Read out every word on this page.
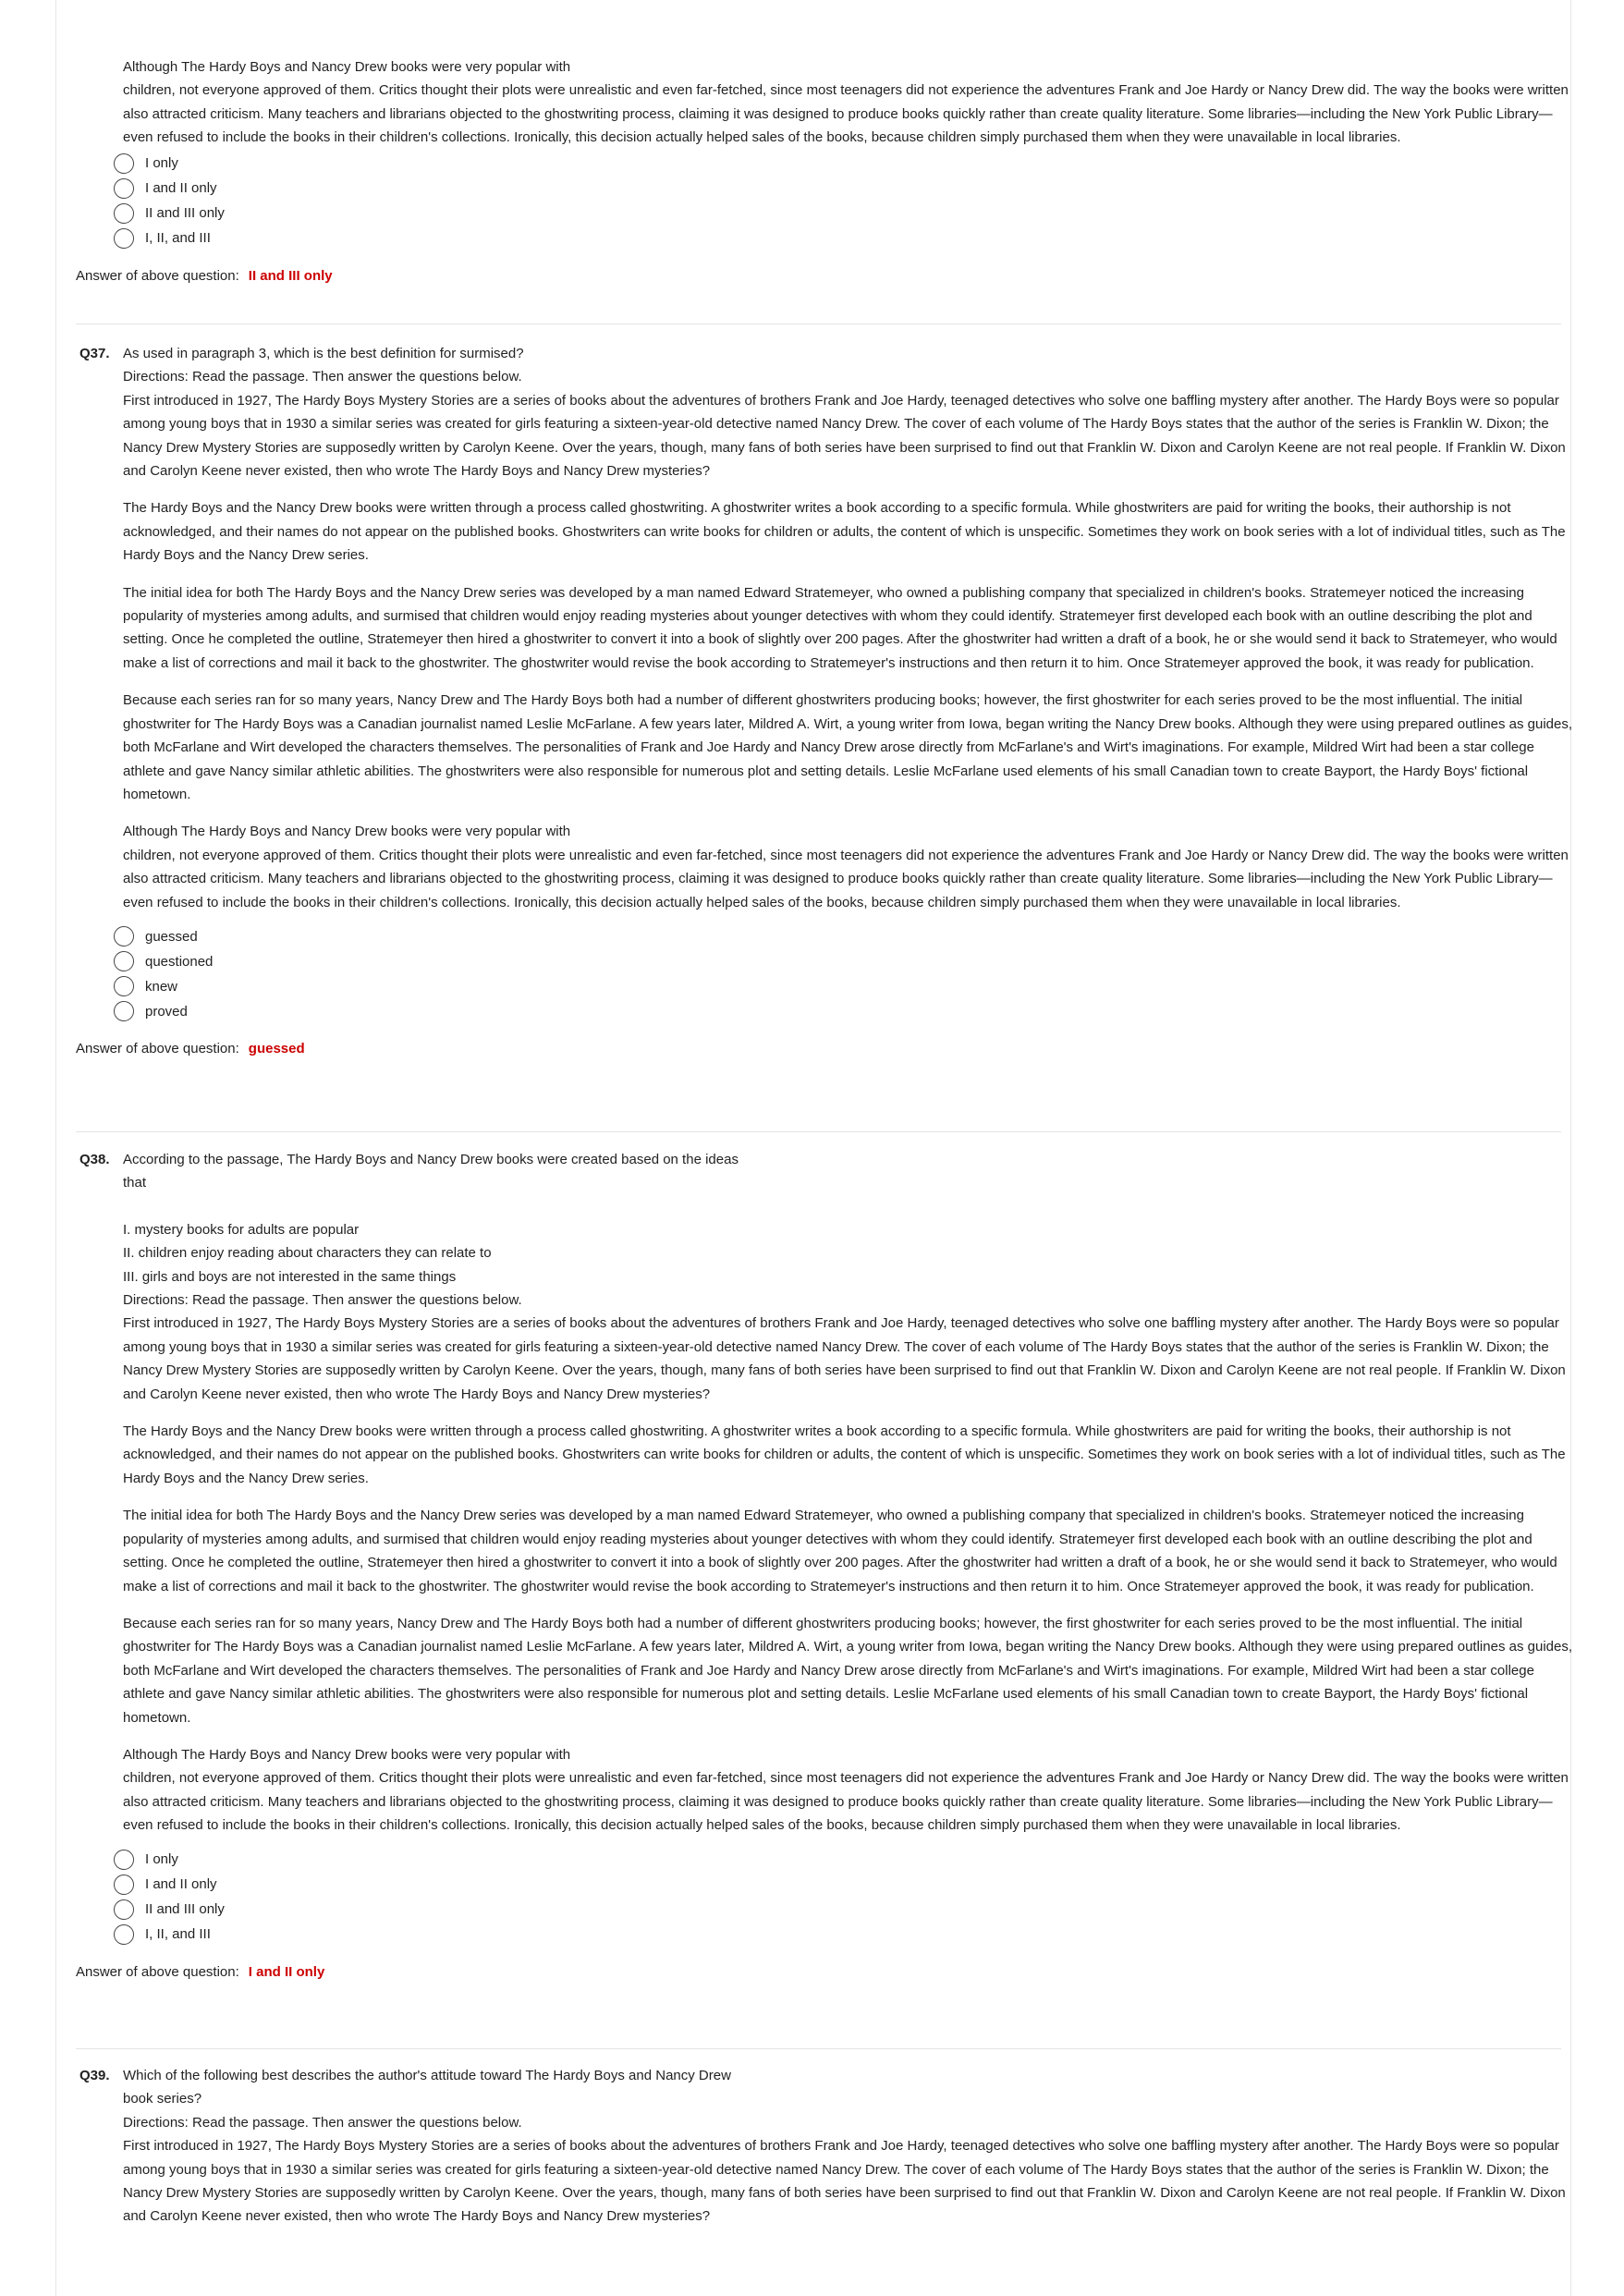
Although The Hardy Boys and Nancy Drew books were very popular with
children, not everyone approved of them. Critics thought their plots were unrealistic and even far-fetched, since most teenagers did not experience the adventures Frank and Joe Hardy or Nancy Drew did. The way the books were written also attracted criticism. Many teachers and librarians objected to the ghostwriting process, claiming it was designed to produce books quickly rather than create quality literature. Some libraries—including the New York Public Library—even refused to include the books in their children's collections. Ironically, this decision actually helped sales of the books, because children simply purchased them when they were unavailable in local libraries.

I only
I and II only
II and III only
I, II, and III
Answer of above question: II and III only
Q37. As used in paragraph 3, which is the best definition for surmised?

Directions: Read the passage. Then answer the questions below.

First introduced in 1927, The Hardy Boys Mystery Stories are a series of books about the adventures of brothers Frank and Joe Hardy, teenaged detectives who solve one baffling mystery after another. The Hardy Boys were so popular among young boys that in 1930 a similar series was created for girls featuring a sixteen-year-old detective named Nancy Drew. The cover of each volume of The Hardy Boys states that the author of the series is Franklin W. Dixon; the Nancy Drew Mystery Stories are supposedly written by Carolyn Keene. Over the years, though, many fans of both series have been surprised to find out that Franklin W. Dixon and Carolyn Keene are not real people. If Franklin W. Dixon and Carolyn Keene never existed, then who wrote The Hardy Boys and Nancy Drew mysteries?

The Hardy Boys and the Nancy Drew books were written through a process called ghostwriting. A ghostwriter writes a book according to a specific formula. While ghostwriters are paid for writing the books, their authorship is not acknowledged, and their names do not appear on the published books. Ghostwriters can write books for children or adults, the content of which is unspecific. Sometimes they work on book series with a lot of individual titles, such as The Hardy Boys and the Nancy Drew series.

The initial idea for both The Hardy Boys and the Nancy Drew series was developed by a man named Edward Stratemeyer, who owned a publishing company that specialized in children's books. Stratemeyer noticed the increasing popularity of mysteries among adults, and surmised that children would enjoy reading mysteries about younger detectives with whom they could identify. Stratemeyer first developed each book with an outline describing the plot and setting. Once he completed the outline, Stratemeyer then hired a ghostwriter to convert it into a book of slightly over 200 pages. After the ghostwriter had written a draft of a book, he or she would send it back to Stratemeyer, who would make a list of corrections and mail it back to the ghostwriter. The ghostwriter would revise the book according to Stratemeyer's instructions and then return it to him. Once Stratemeyer approved the book, it was ready for publication.

Because each series ran for so many years, Nancy Drew and The Hardy Boys both had a number of different ghostwriters producing books; however, the first ghostwriter for each series proved to be the most influential. The initial ghostwriter for The Hardy Boys was a Canadian journalist named Leslie McFarlane. A few years later, Mildred A. Wirt, a young writer from Iowa, began writing the Nancy Drew books. Although they were using prepared outlines as guides, both McFarlane and Wirt developed the characters themselves. The personalities of Frank and Joe Hardy and Nancy Drew arose directly from McFarlane's and Wirt's imaginations. For example, Mildred Wirt had been a star college athlete and gave Nancy similar athletic abilities. The ghostwriters were also responsible for numerous plot and setting details. Leslie McFarlane used elements of his small Canadian town to create Bayport, the Hardy Boys' fictional hometown.

Although The Hardy Boys and Nancy Drew books were very popular with
children, not everyone approved of them. Critics thought their plots were unrealistic and even far-fetched, since most teenagers did not experience the adventures Frank and Joe Hardy or Nancy Drew did. The way the books were written also attracted criticism. Many teachers and librarians objected to the ghostwriting process, claiming it was designed to produce books quickly rather than create quality literature. Some libraries—including the New York Public Library—even refused to include the books in their children's collections. Ironically, this decision actually helped sales of the books, because children simply purchased them when they were unavailable in local libraries.

guessed
questioned
knew
proved
Answer of above question: guessed
Q38. According to the passage, The Hardy Boys and Nancy Drew books were created based on the ideas
that

I. mystery books for adults are popular
II. children enjoy reading about characters they can relate to
III. girls and boys are not interested in the same things

Directions: Read the passage. Then answer the questions below.

First introduced in 1927, The Hardy Boys Mystery Stories are a series of books about the adventures of brothers Frank and Joe Hardy, teenaged detectives who solve one baffling mystery after another. The Hardy Boys were so popular among young boys that in 1930 a similar series was created for girls featuring a sixteen-year-old detective named Nancy Drew. The cover of each volume of The Hardy Boys states that the author of the series is Franklin W. Dixon; the Nancy Drew Mystery Stories are supposedly written by Carolyn Keene. Over the years, though, many fans of both series have been surprised to find out that Franklin W. Dixon and Carolyn Keene are not real people. If Franklin W. Dixon and Carolyn Keene never existed, then who wrote The Hardy Boys and Nancy Drew mysteries?

The Hardy Boys and the Nancy Drew books were written through a process called ghostwriting. A ghostwriter writes a book according to a specific formula. While ghostwriters are paid for writing the books, their authorship is not acknowledged, and their names do not appear on the published books. Ghostwriters can write books for children or adults, the content of which is unspecific. Sometimes they work on book series with a lot of individual titles, such as The Hardy Boys and the Nancy Drew series.

The initial idea for both The Hardy Boys and the Nancy Drew series was developed by a man named Edward Stratemeyer, who owned a publishing company that specialized in children's books. Stratemeyer noticed the increasing popularity of mysteries among adults, and surmised that children would enjoy reading mysteries about younger detectives with whom they could identify. Stratemeyer first developed each book with an outline describing the plot and setting. Once he completed the outline, Stratemeyer then hired a ghostwriter to convert it into a book of slightly over 200 pages. After the ghostwriter had written a draft of a book, he or she would send it back to Stratemeyer, who would make a list of corrections and mail it back to the ghostwriter. The ghostwriter would revise the book according to Stratemeyer's instructions and then return it to him. Once Stratemeyer approved the book, it was ready for publication.

Because each series ran for so many years, Nancy Drew and The Hardy Boys both had a number of different ghostwriters producing books; however, the first ghostwriter for each series proved to be the most influential. The initial ghostwriter for The Hardy Boys was a Canadian journalist named Leslie McFarlane. A few years later, Mildred A. Wirt, a young writer from Iowa, began writing the Nancy Drew books. Although they were using prepared outlines as guides, both McFarlane and Wirt developed the characters themselves. The personalities of Frank and Joe Hardy and Nancy Drew arose directly from McFarlane's and Wirt's imaginations. For example, Mildred Wirt had been a star college athlete and gave Nancy similar athletic abilities. The ghostwriters were also responsible for numerous plot and setting details. Leslie McFarlane used elements of his small Canadian town to create Bayport, the Hardy Boys' fictional hometown.

Although The Hardy Boys and Nancy Drew books were very popular with
children, not everyone approved of them. Critics thought their plots were unrealistic and even far-fetched, since most teenagers did not experience the adventures Frank and Joe Hardy or Nancy Drew did. The way the books were written also attracted criticism. Many teachers and librarians objected to the ghostwriting process, claiming it was designed to produce books quickly rather than create quality literature. Some libraries—including the New York Public Library—even refused to include the books in their children's collections. Ironically, this decision actually helped sales of the books, because children simply purchased them when they were unavailable in local libraries.

I only
I and II only
II and III only
I, II, and III
Answer of above question: I and II only
Q39. Which of the following best describes the author's attitude toward The Hardy Boys and Nancy Drew
book series?

Directions: Read the passage. Then answer the questions below.

First introduced in 1927, The Hardy Boys Mystery Stories are a series of books about the adventures of brothers Frank and Joe Hardy, teenaged detectives who solve one baffling mystery after another. The Hardy Boys were so popular among young boys that in 1930 a similar series was created for girls featuring a sixteen-year-old detective named Nancy Drew. The cover of each volume of The Hardy Boys states that the author of the series is Franklin W. Dixon; the Nancy Drew Mystery Stories are supposedly written by Carolyn Keene. Over the years, though, many fans of both series have been surprised to find out that Franklin W. Dixon and Carolyn Keene are not real people. If Franklin W. Dixon and Carolyn Keene never existed, then who wrote The Hardy Boys and Nancy Drew mysteries?
